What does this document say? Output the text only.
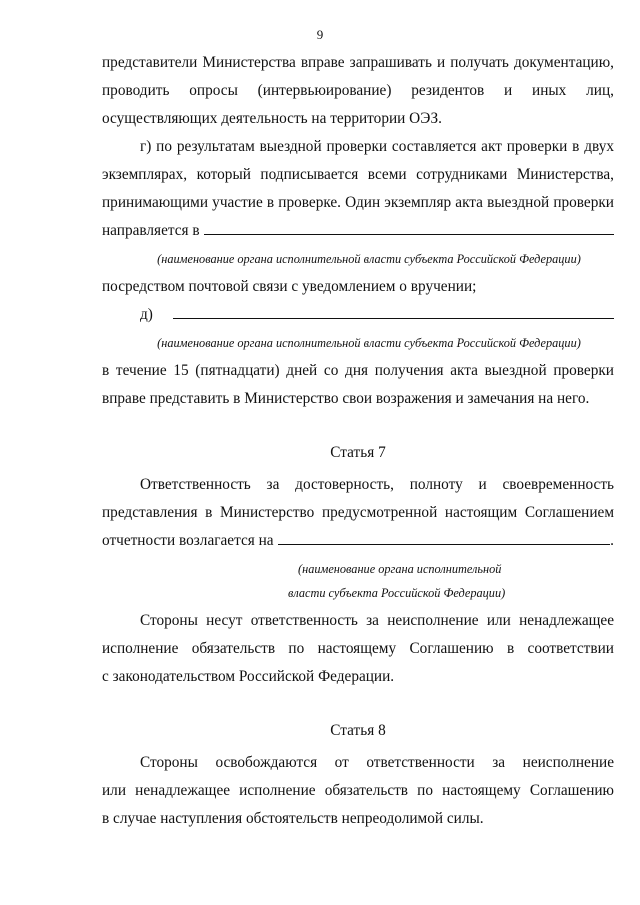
9
представители Министерства вправе запрашивать и получать документацию,
проводить опросы (интервьюирование) резидентов и иных лиц,
осуществляющих деятельность на территории ОЭЗ.
г) по результатам выездной проверки составляется акт проверки в двух
экземплярах, который подписывается всеми сотрудниками Министерства,
принимающими участие в проверке. Один экземпляр акта выездной проверки
направляется в
(наименование органа исполнительной власти субъекта Российской Федерации)
посредством почтовой связи с уведомлением о вручении;
д)
(наименование органа исполнительной власти субъекта Российской Федерации)
в течение 15 (пятнадцати) дней со дня получения акта выездной проверки
вправе представить в Министерство свои возражения и замечания на него.
Статья 7
Ответственность за достоверность, полноту и своевременность
представления в Министерство предусмотренной настоящим Соглашением
отчетности возлагается на	.
(наименование органа исполнительной
власти субъекта Российской Федерации)
Стороны несут ответственность за неисполнение или ненадлежащее
исполнение обязательств по настоящему Соглашению в соответствии
с законодательством Российской Федерации.
Статья 8
Стороны освобождаются от ответственности за неисполнение
или ненадлежащее исполнение обязательств по настоящему Соглашению
в случае наступления обстоятельств непреодолимой силы.
